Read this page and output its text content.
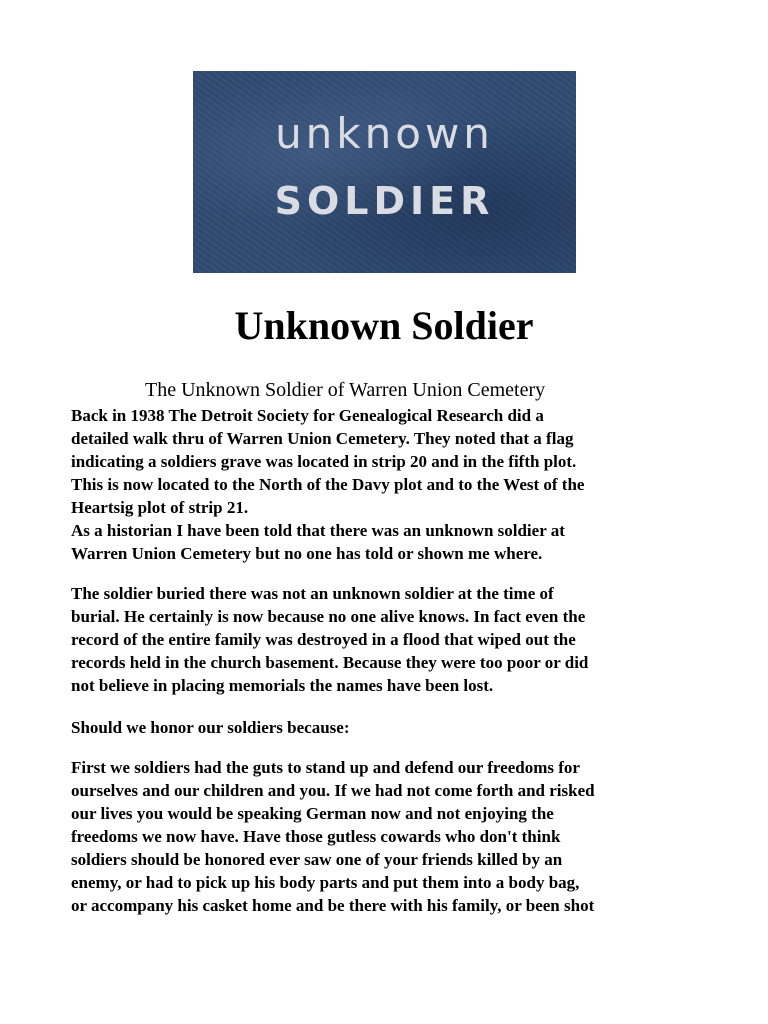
unknown
SOLDIER
Unknown Soldier

The Unknown Soldier of Warren Union Cemetery

Back in 1938 The Detroit Society for Genealogical Research did a
detailed walk thru of Warren Union Cemetery. They noted that a flag
indicating a soldiers grave was located in strip 20 and in the fifth plot.
This is now located to the North of the Davy plot and to the West of the
Heartsig plot of strip 21.
As a historian I have been told that there was an unknown soldier at
Warren Union Cemetery but no one has told or shown me where.
The soldier buried there was not an unknown soldier at the time of
burial. He certainly is now because no one alive knows. In fact even the
record of the entire family was destroyed in a flood that wiped out the
records held in the church basement. Because they were too poor or did
not believe in placing memorials the names have been lost.
Should we honor our soldiers because:
First we soldiers had the guts to stand up and defend our freedoms for
ourselves and our children and you. If we had not come forth and risked
our lives you would be speaking German now and not enjoying the
freedoms we now have. Have those gutless cowards who don't think
soldiers should be honored ever saw one of your friends killed by an
enemy, or had to pick up his body parts and put them into a body bag,
or accompany his casket home and be there with his family, or been shot
